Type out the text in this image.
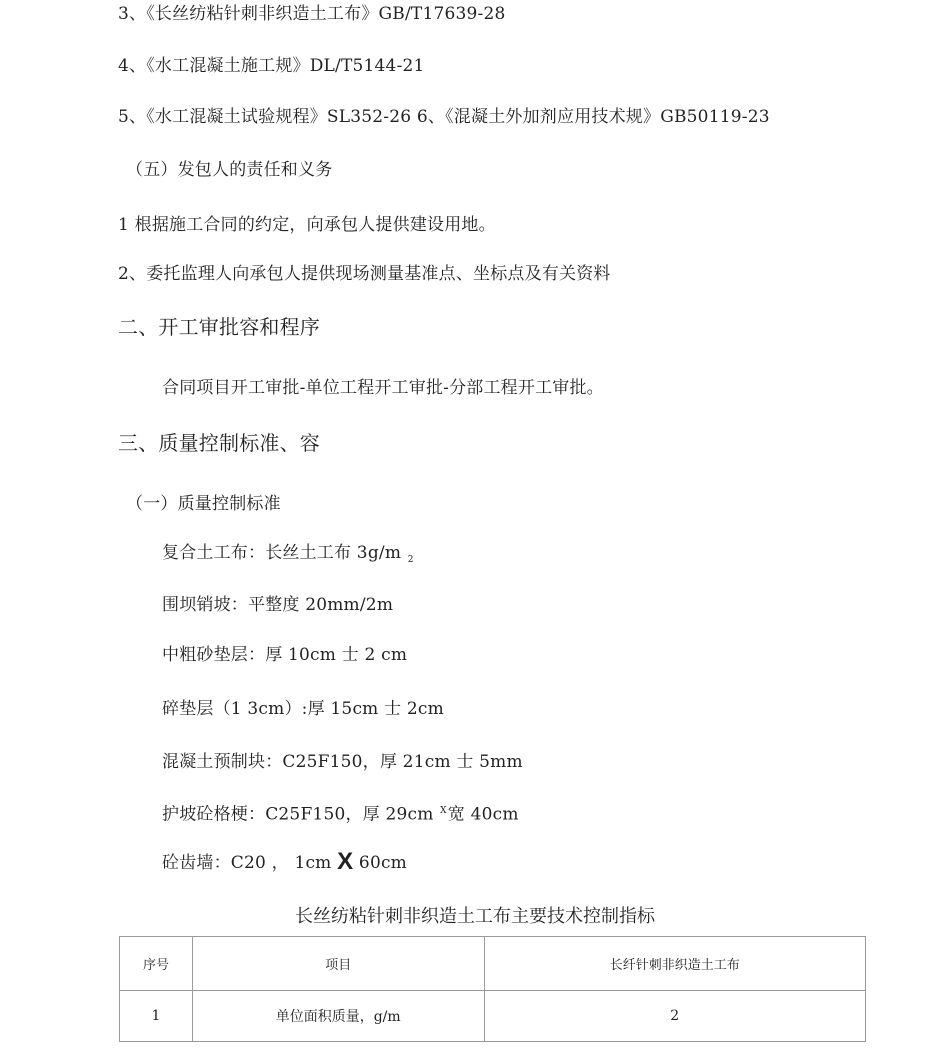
3、《长丝纺粘针刺非织造土工布》GB/T17639-28
4、《水工混凝土施工规》DL/T5144-21
5、《水工混凝土试验规程》SL352-26 6、《混凝土外加剂应用技术规》GB50119-23
（五）发包人的责任和义务
1 根据施工合同的约定，向承包人提供建设用地。
2、委托监理人向承包人提供现场测量基准点、坐标点及有关资料
二、开工审批容和程序
合同项目开工审批-单位工程开工审批-分部工程开工审批。
三、质量控制标准、容
（一）质量控制标准
复合土工布：长丝土工布 3g/m $_2$
围坝销坡：平整度 20mm/2m
中粗砂垫层：厚 10cm 士 2 cm
碎垫层（1 3cm）:厚 15cm 士 2cm
混凝土预制块：C25F150，厚 21cm 士 5mm
护坡砼格梗：C25F150，厚 29cm $^X$宽 40cm
砼齿墙：C20 ， 1cm X 60cm
长丝纺粘针刺非织造土工布主要技术控制指标
序号	项目	长纤针刺非织造土工布
1	单位面积质量，g/m	2
